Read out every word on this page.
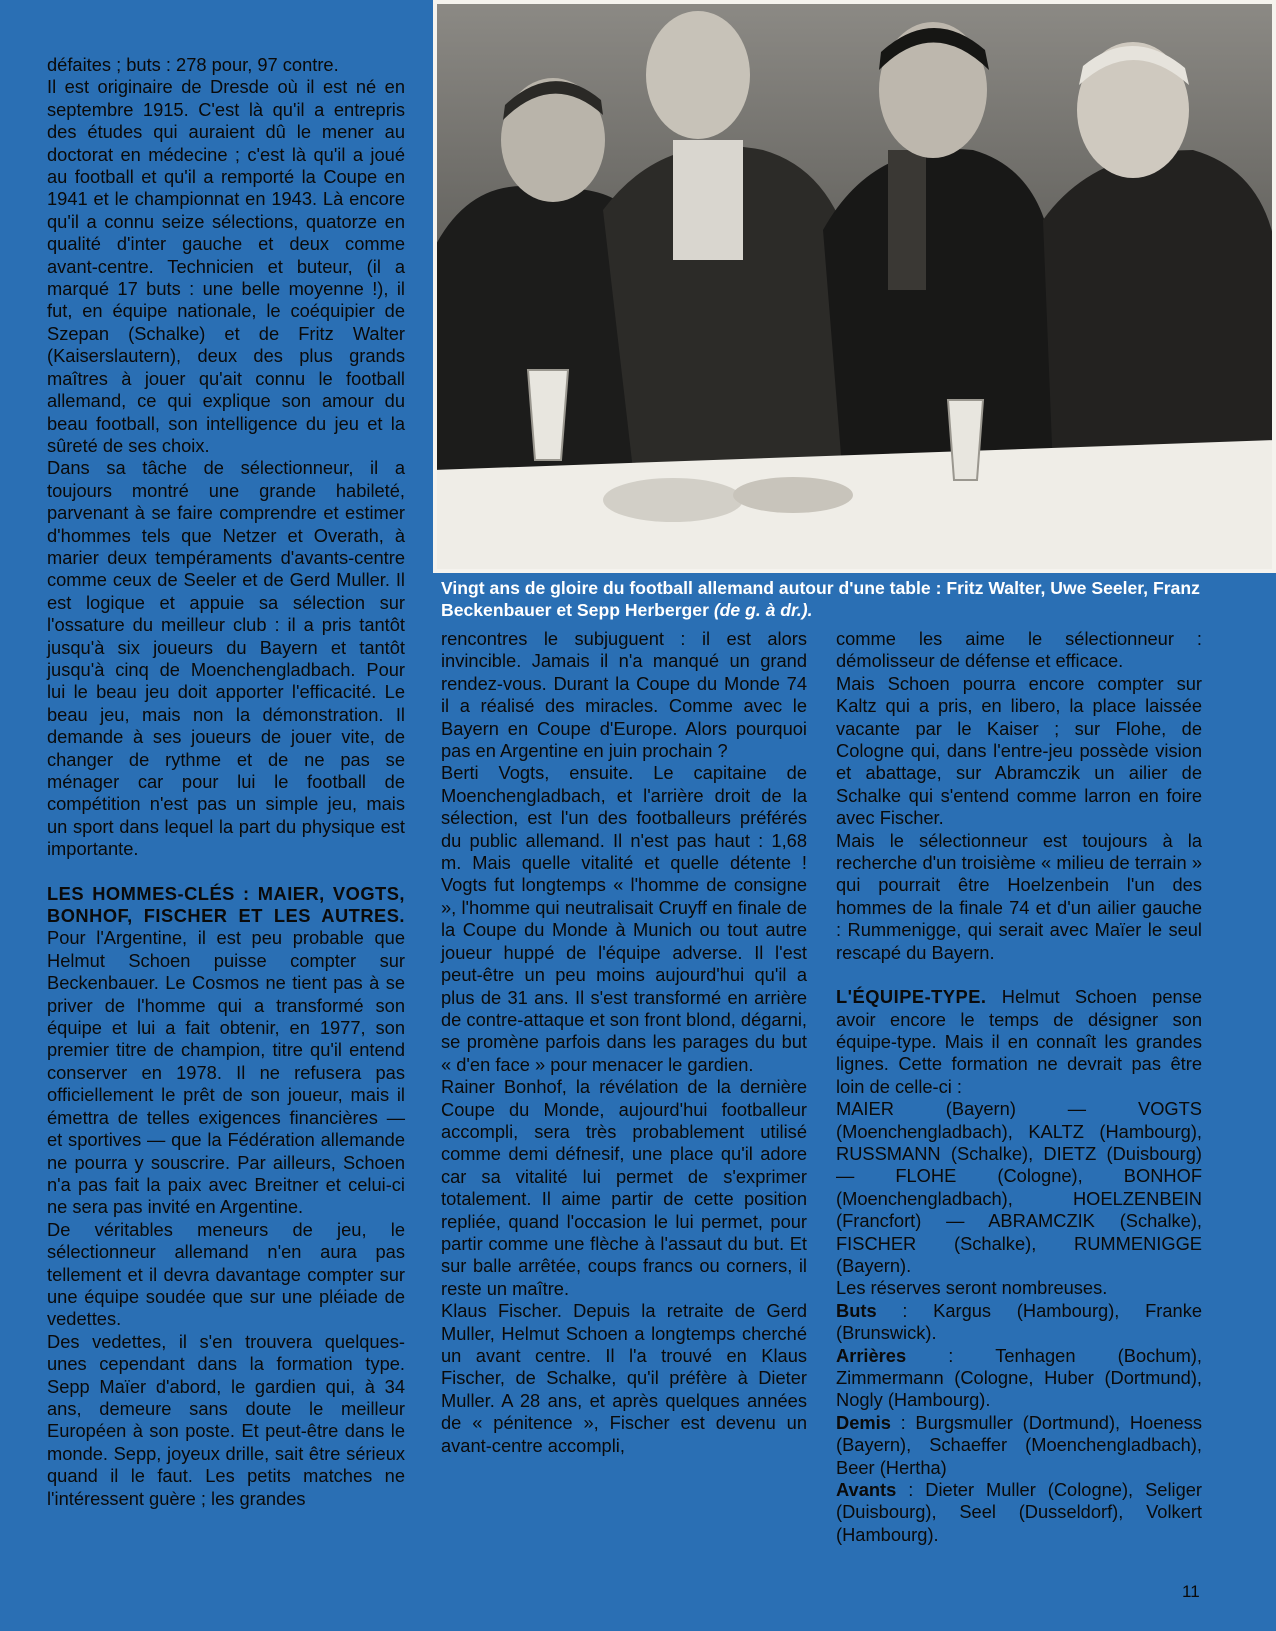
défaites ; buts : 278 pour, 97 contre.

Il est originaire de Dresde où il est né en septembre 1915. C'est là qu'il a entrepris des études qui auraient dû le mener au doctorat en médecine ; c'est là qu'il a joué au football et qu'il a remporté la Coupe en 1941 et le championnat en 1943. Là encore qu'il a connu seize sélections, quatorze en qualité d'inter gauche et deux comme avant-centre. Technicien et buteur, (il a marqué 17 buts : une belle moyenne !), il fut, en équipe nationale, le coéquipier de Szepan (Schalke) et de Fritz Walter (Kaiserslautern), deux des plus grands maîtres à jouer qu'ait connu le football allemand, ce qui explique son amour du beau football, son intelligence du jeu et la sûreté de ses choix.

Dans sa tâche de sélectionneur, il a toujours montré une grande habileté, parvenant à se faire comprendre et estimer d'hommes tels que Netzer et Overath, à marier deux tempéraments d'avants-centre comme ceux de Seeler et de Gerd Muller. Il est logique et appuie sa sélection sur l'ossature du meilleur club : il a pris tantôt jusqu'à six joueurs du Bayern et tantôt jusqu'à cinq de Moenchengladbach. Pour lui le beau jeu doit apporter l'efficacité. Le beau jeu, mais non la démonstration. Il demande à ses joueurs de jouer vite, de changer de rythme et de ne pas se ménager car pour lui le football de compétition n'est pas un simple jeu, mais un sport dans lequel la part du physique est importante.

LES HOMMES-CLÉS : MAIER, VOGTS, BONHOF, FISCHER ET LES AUTRES. Pour l'Argentine, il est peu probable que Helmut Schoen puisse compter sur Beckenbauer. Le Cosmos ne tient pas à se priver de l'homme qui a transformé son équipe et lui a fait obtenir, en 1977, son premier titre de champion, titre qu'il entend conserver en 1978. Il ne refusera pas officiellement le prêt de son joueur, mais il émettra de telles exigences financières — et sportives — que la Fédération allemande ne pourra y souscrire. Par ailleurs, Schoen n'a pas fait la paix avec Breitner et celui-ci ne sera pas invité en Argentine.

De véritables meneurs de jeu, le sélectionneur allemand n'en aura pas tellement et il devra davantage compter sur une équipe soudée que sur une pléiade de vedettes.

Des vedettes, il s'en trouvera quelques-unes cependant dans la formation type. Sepp Maïer d'abord, le gardien qui, à 34 ans, demeure sans doute le meilleur Européen à son poste. Et peut-être dans le monde. Sepp, joyeux drille, sait être sérieux quand il le faut. Les petits matches ne l'intéressent guère ; les grandes

Vingt ans de gloire du football allemand autour d'une table : Fritz Walter, Uwe Seeler, Franz Beckenbauer et Sepp Herberger (de g. à dr.).

rencontres le subjuguent : il est alors invincible. Jamais il n'a manqué un grand rendez-vous. Durant la Coupe du Monde 74 il a réalisé des miracles. Comme avec le Bayern en Coupe d'Europe. Alors pourquoi pas en Argentine en juin prochain ?

Berti Vogts, ensuite. Le capitaine de Moenchengladbach, et l'arrière droit de la sélection, est l'un des footballeurs préférés du public allemand. Il n'est pas haut : 1,68 m. Mais quelle vitalité et quelle détente ! Vogts fut longtemps « l'homme de consigne », l'homme qui neutralisait Cruyff en finale de la Coupe du Monde à Munich ou tout autre joueur huppé de l'équipe adverse. Il l'est peut-être un peu moins aujourd'hui qu'il a plus de 31 ans. Il s'est transformé en arrière de contre-attaque et son front blond, dégarni, se promène parfois dans les parages du but « d'en face » pour menacer le gardien.

Rainer Bonhof, la révélation de la dernière Coupe du Monde, aujourd'hui footballeur accompli, sera très probablement utilisé comme demi défnesif, une place qu'il adore car sa vitalité lui permet de s'exprimer totalement. Il aime partir de cette position repliée, quand l'occasion le lui permet, pour partir comme une flèche à l'assaut du but. Et sur balle arrêtée, coups francs ou corners, il reste un maître.

Klaus Fischer. Depuis la retraite de Gerd Muller, Helmut Schoen a longtemps cherché un avant centre. Il l'a trouvé en Klaus Fischer, de Schalke, qu'il préfère à Dieter Muller. A 28 ans, et après quelques années de « pénitence », Fischer est devenu un avant-centre accompli,

comme les aime le sélectionneur : démolisseur de défense et efficace.

Mais Schoen pourra encore compter sur Kaltz qui a pris, en libero, la place laissée vacante par le Kaiser ; sur Flohe, de Cologne qui, dans l'entre-jeu possède vision et abattage, sur Abramczik un ailier de Schalke qui s'entend comme larron en foire avec Fischer.

Mais le sélectionneur est toujours à la recherche d'un troisième « milieu de terrain » qui pourrait être Hoelzenbein l'un des hommes de la finale 74 et d'un ailier gauche : Rummenigge, qui serait avec Maïer le seul rescapé du Bayern.

L'ÉQUIPE-TYPE. Helmut Schoen pense avoir encore le temps de désigner son équipe-type. Mais il en connaît les grandes lignes. Cette formation ne devrait pas être loin de celle-ci :

MAIER (Bayern) — VOGTS (Moenchengladbach), KALTZ (Hambourg), RUSSMANN (Schalke), DIETZ (Duisbourg) — FLOHE (Cologne), BONHOF (Moenchengladbach), HOELZENBEIN (Francfort) — ABRAMCZIK (Schalke), FISCHER (Schalke), RUMMENIGGE (Bayern).

Les réserves seront nombreuses.

Buts : Kargus (Hambourg), Franke (Brunswick).

Arrières : Tenhagen (Bochum), Zimmermann (Cologne, Huber (Dortmund), Nogly (Hambourg).

Demis : Burgsmuller (Dortmund), Hoeness (Bayern), Schaeffer (Moenchengladbach), Beer (Hertha)

Avants : Dieter Muller (Cologne), Seliger (Duisbourg), Seel (Dusseldorf), Volkert (Hambourg).

11
